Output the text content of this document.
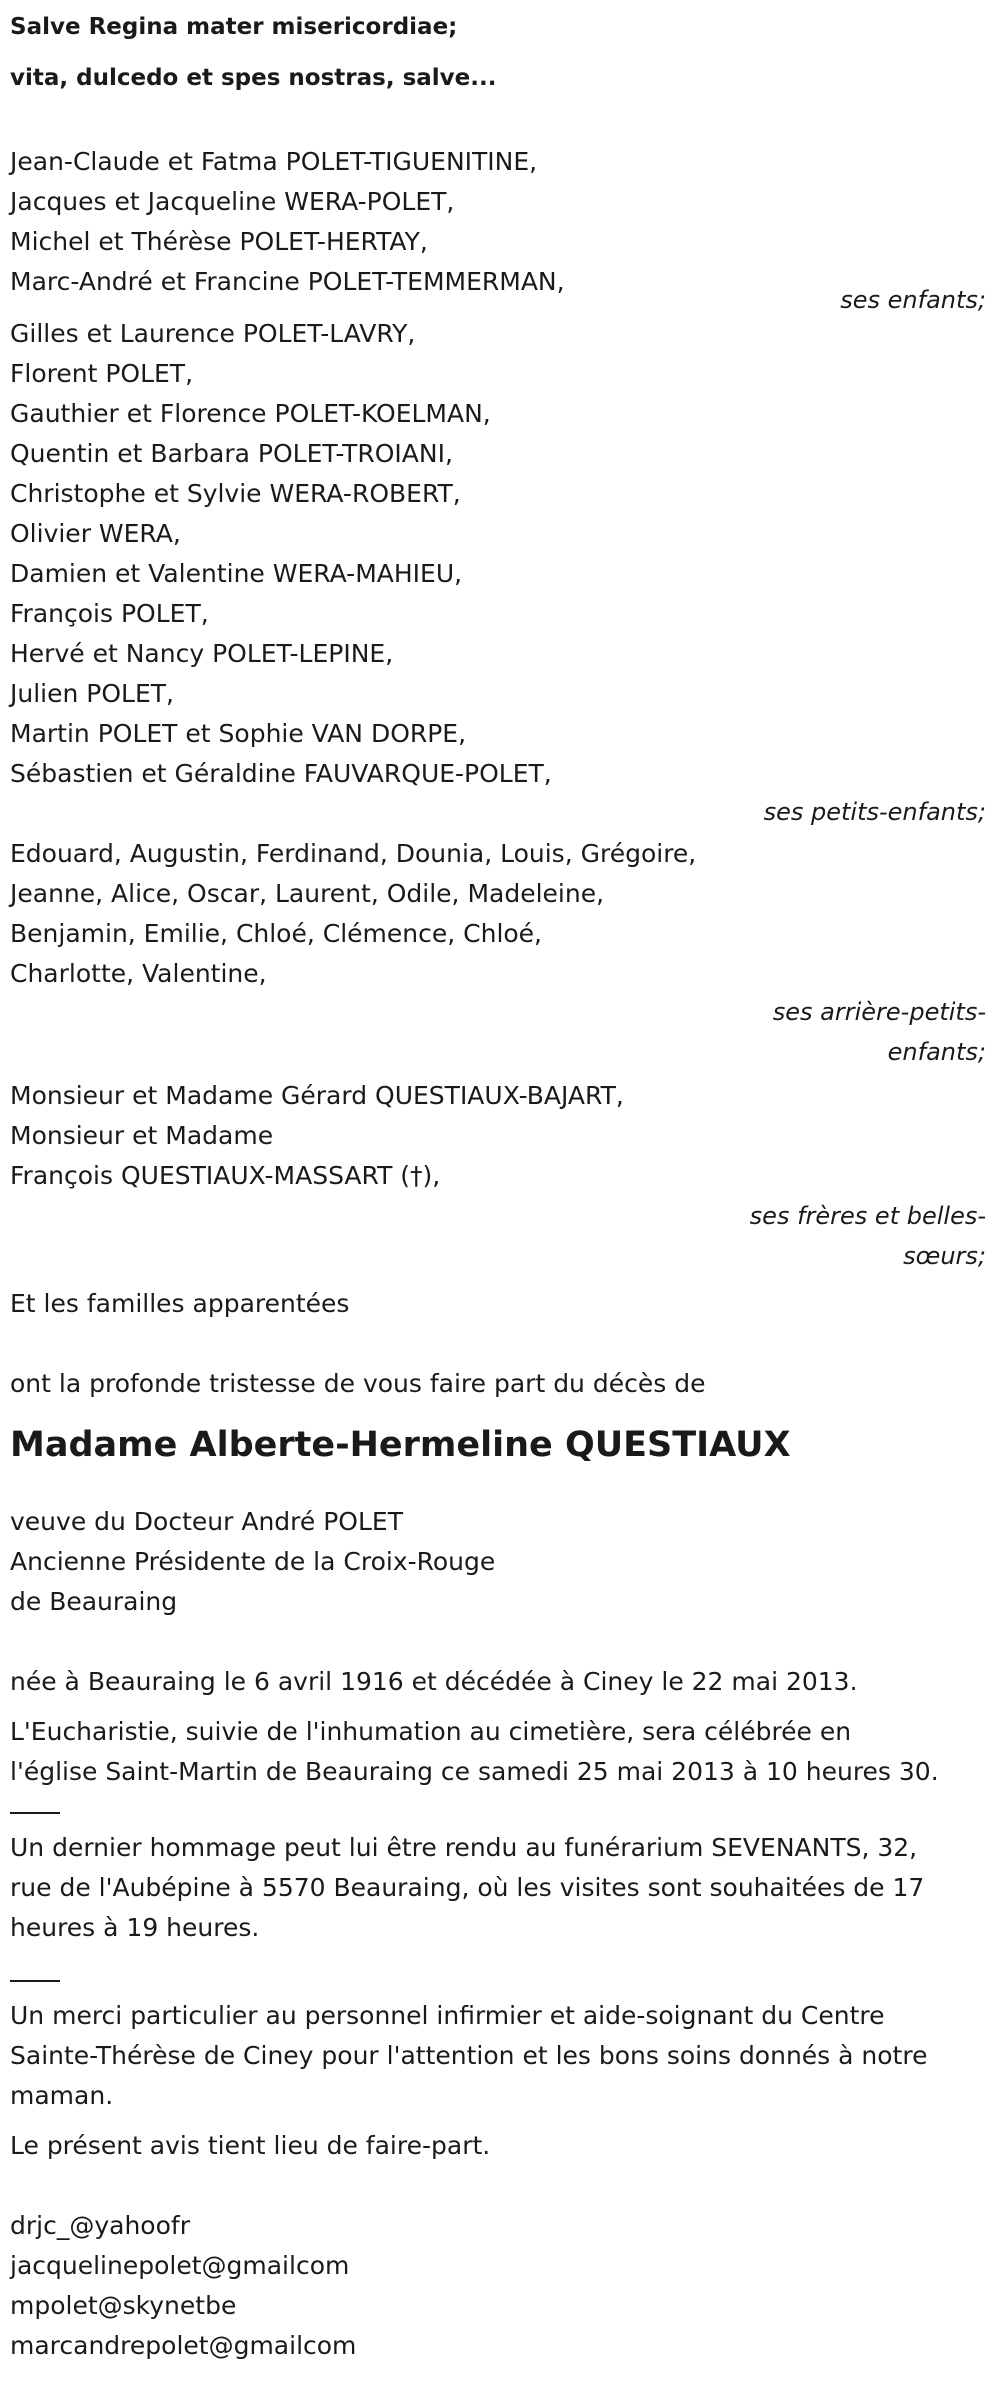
Salve Regina mater misericordiae;
vita, dulcedo et spes nostras, salve...
Jean-Claude et Fatma POLET-TIGUENITINE,
Jacques et Jacqueline WERA-POLET,
Michel et Thérèse POLET-HERTAY,
Marc-André et Francine POLET-TEMMERMAN,
ses enfants;
Gilles et Laurence POLET-LAVRY,
Florent POLET,
Gauthier et Florence POLET-KOELMAN,
Quentin et Barbara POLET-TROIANI,
Christophe et Sylvie WERA-ROBERT,
Olivier WERA,
Damien et Valentine WERA-MAHIEU,
François POLET,
Hervé et Nancy POLET-LEPINE,
Julien POLET,
Martin POLET et Sophie VAN DORPE,
Sébastien et Géraldine FAUVARQUE-POLET,
ses petits-enfants;
Edouard, Augustin, Ferdinand, Dounia, Louis, Grégoire,
Jeanne, Alice, Oscar, Laurent, Odile, Madeleine,
Benjamin, Emilie, Chloé, Clémence, Chloé,
Charlotte, Valentine,
ses arrière-petits-
enfants;
Monsieur et Madame Gérard QUESTIAUX-BAJART,
Monsieur et Madame
François QUESTIAUX-MASSART (†),
ses frères et belles-
sœurs;
Et les familles apparentées
ont la profonde tristesse de vous faire part du décès de
Madame Alberte-Hermeline QUESTIAUX
veuve du Docteur André POLET
Ancienne Présidente de la Croix-Rouge
de Beauraing
née à Beauraing le 6 avril 1916 et décédée à Ciney le 22 mai 2013.
L'Eucharistie, suivie de l'inhumation au cimetière, sera célébrée en
l'église Saint-Martin de Beauraing ce samedi 25 mai 2013 à 10 heures 30.
Un dernier hommage peut lui être rendu au funérarium SEVENANTS, 32,
rue de l'Aubépine à 5570 Beauraing, où les visites sont souhaitées de 17
heures à 19 heures.
Un merci particulier au personnel infirmier et aide-soignant du Centre
Sainte-Thérèse de Ciney pour l'attention et les bons soins donnés à notre
maman.
Le présent avis tient lieu de faire-part.
drjc_@yahoofr
jacquelinepolet@gmailcom
mpolet@skynetbe
marcandrepolet@gmailcom
